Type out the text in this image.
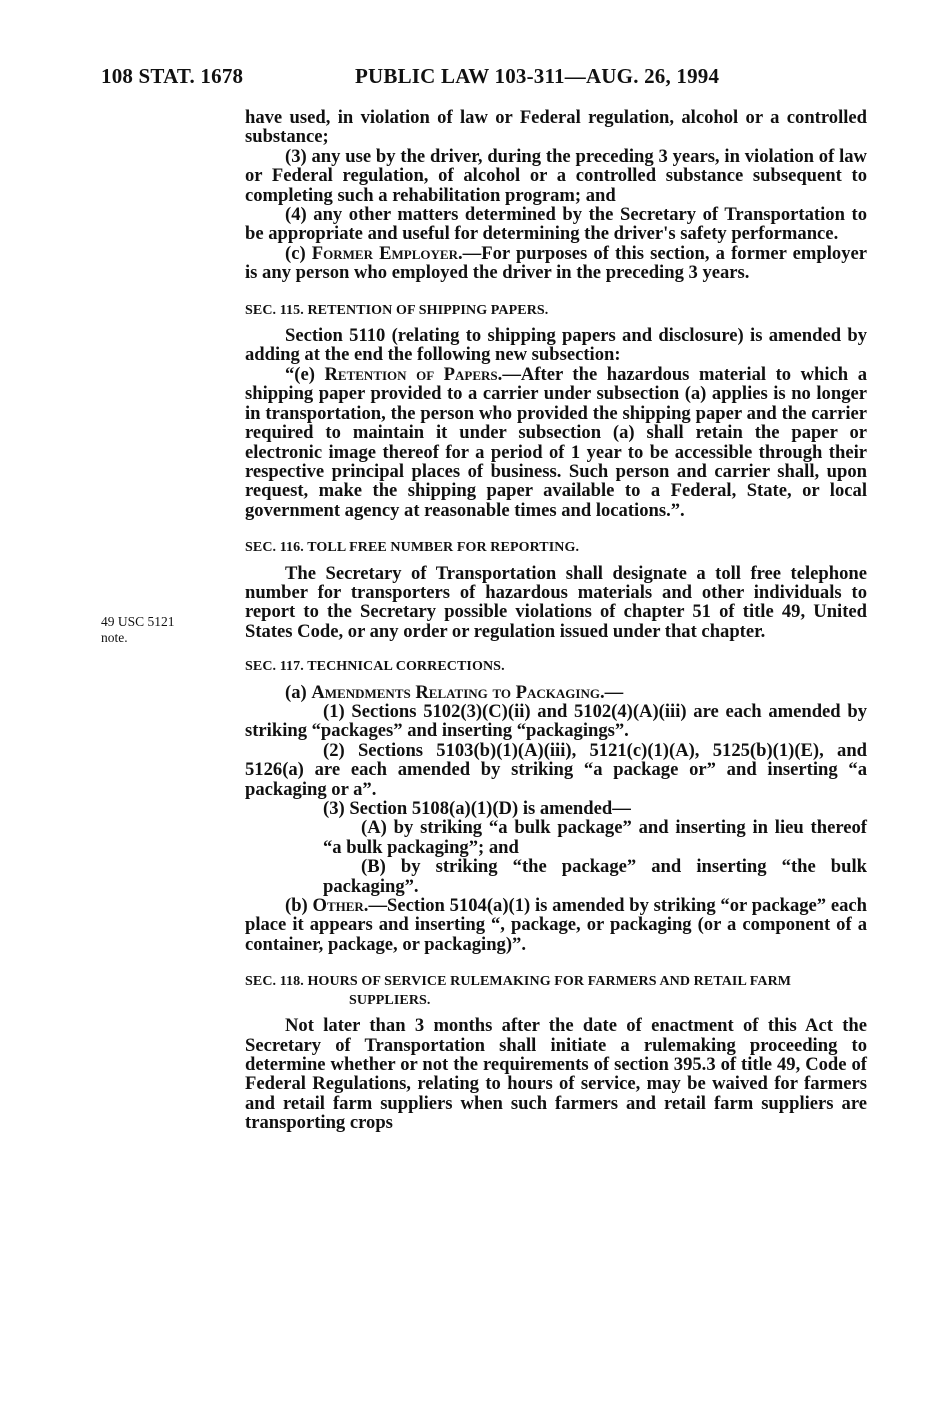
108 STAT. 1678	PUBLIC LAW 103-311—AUG. 26, 1994
49 USC 5121
note.

have used, in violation of law or Federal regulation, alcohol or a controlled substance;

(3) any use by the driver, during the preceding 3 years, in violation of law or Federal regulation, of alcohol or a controlled substance subsequent to completing such a rehabilitation program; and

(4) any other matters determined by the Secretary of Transportation to be appropriate and useful for determining the driver's safety performance.

(c) Former Employer.—For purposes of this section, a former employer is any person who employed the driver in the preceding 3 years.

SEC. 115. RETENTION OF SHIPPING PAPERS.

Section 5110 (relating to shipping papers and disclosure) is amended by adding at the end the following new subsection:

“(e) Retention of Papers.—After the hazardous material to which a shipping paper provided to a carrier under subsection (a) applies is no longer in transportation, the person who provided the shipping paper and the carrier required to maintain it under subsection (a) shall retain the paper or electronic image thereof for a period of 1 year to be accessible through their respective principal places of business. Such person and carrier shall, upon request, make the shipping paper available to a Federal, State, or local government agency at reasonable times and locations.”.

SEC. 116. TOLL FREE NUMBER FOR REPORTING.

The Secretary of Transportation shall designate a toll free telephone number for transporters of hazardous materials and other individuals to report to the Secretary possible violations of chapter 51 of title 49, United States Code, or any order or regulation issued under that chapter.

SEC. 117. TECHNICAL CORRECTIONS.

(a) Amendments Relating to Packaging.—

(1) Sections 5102(3)(C)(ii) and 5102(4)(A)(iii) are each amended by striking “packages” and inserting “packagings”.

(2) Sections 5103(b)(1)(A)(iii), 5121(c)(1)(A), 5125(b)(1)(E), and 5126(a) are each amended by striking “a package or” and inserting “a packaging or a”.

(3) Section 5108(a)(1)(D) is amended—

(A) by striking “a bulk package” and inserting in lieu thereof “a bulk packaging”; and

(B) by striking “the package” and inserting “the bulk packaging”.

(b) Other.—Section 5104(a)(1) is amended by striking “or package” each place it appears and inserting “, package, or packaging (or a component of a container, package, or packaging)”.

SEC. 118. HOURS OF SERVICE RULEMAKING FOR FARMERS AND RETAIL FARM SUPPLIERS.

Not later than 3 months after the date of enactment of this Act the Secretary of Transportation shall initiate a rulemaking proceeding to determine whether or not the requirements of section 395.3 of title 49, Code of Federal Regulations, relating to hours of service, may be waived for farmers and retail farm suppliers when such farmers and retail farm suppliers are transporting crops
